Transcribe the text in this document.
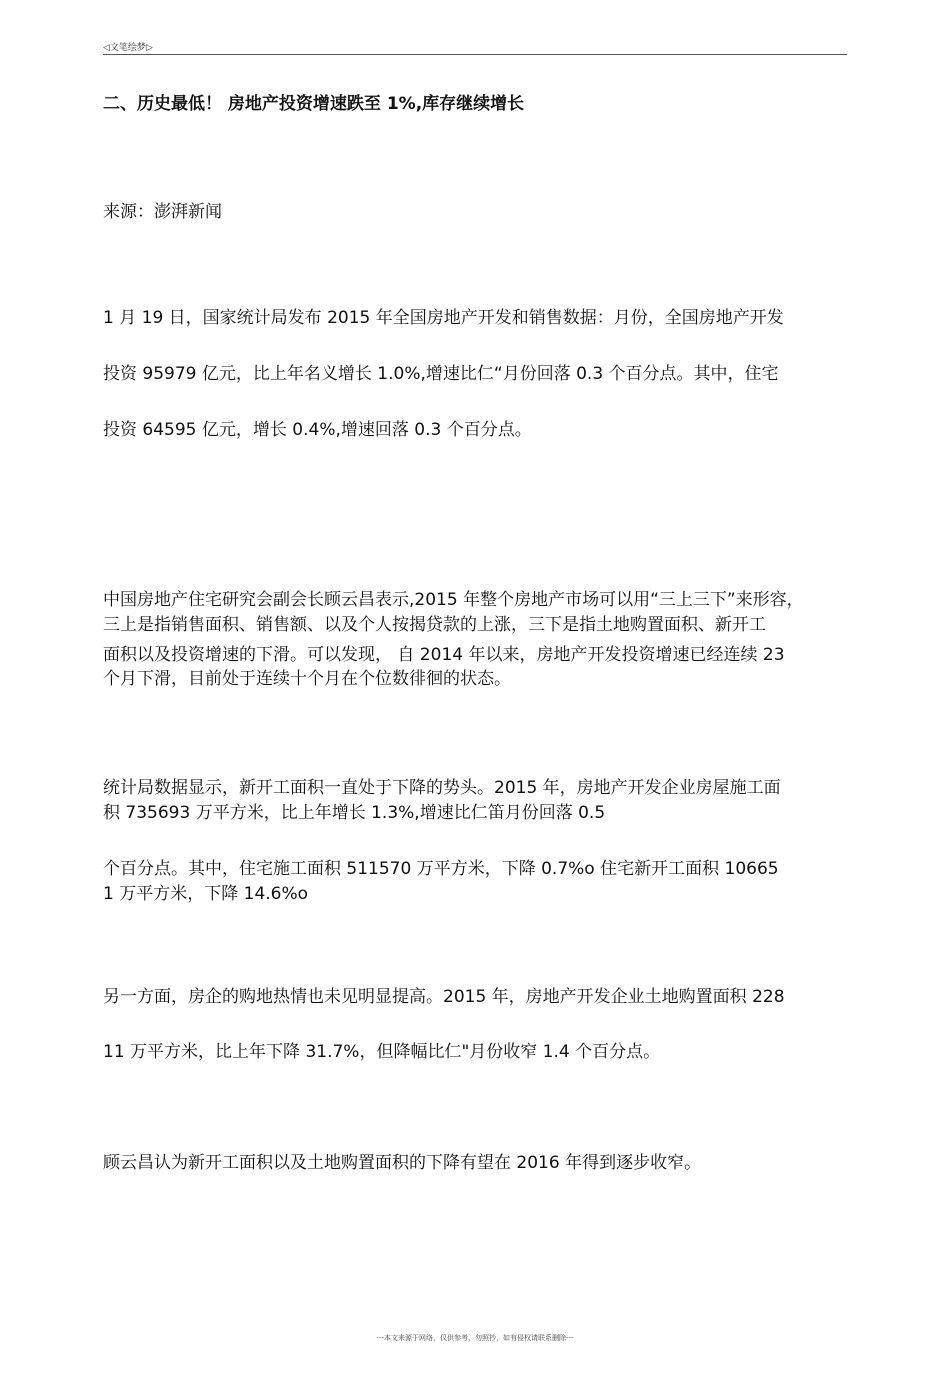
◁文笔绘梦▷
二、历史最低！ 房地产投资增速跌至 1%,库存继续增长
来源：澎湃新闻
1 月 19 日，国家统计局发布 2015 年全国房地产开发和销售数据：月份，全国房地产开发
投资 95979 亿元，比上年名义增长 1.0%,增速比仁“月份回落 0.3 个百分点。其中，住宅
投资 64595 亿元，增长 0.4%,增速回落 0.3 个百分点。
中国房地产住宅研究会副会长顾云昌表示,2015 年整个房地产市场可以用“三上三下”来形容，
三上是指销售面积、销售额、以及个人按揭贷款的上涨，三下是指土地购置面积、新开工
面积以及投资增速的下滑。可以发现， 自 2014 年以来，房地产开发投资增速已经连续 23
个月下滑，目前处于连续十个月在个位数徘徊的状态。
统计局数据显示，新开工面积一直处于下降的势头。2015 年，房地产开发企业房屋施工面
积 735693 万平方米，比上年增长 1.3%,增速比仁笛月份回落 0.5
个百分点。其中，住宅施工面积 511570 万平方米，下降 0.7%o 住宅新开工面积 10665
1 万平方米，下降 14.6%o
另一方面，房企的购地热情也未见明显提高。2015 年，房地产开发企业土地购置面积 228
11 万平方米，比上年下降 31.7%，但降幅比仁"月份收窄 1.4 个百分点。
顾云昌认为新开工面积以及土地购置面积的下降有望在 2016 年得到逐步收窄。
---本文来源于网络，仅供参考，勿照抄，如有侵权请联系删除---
